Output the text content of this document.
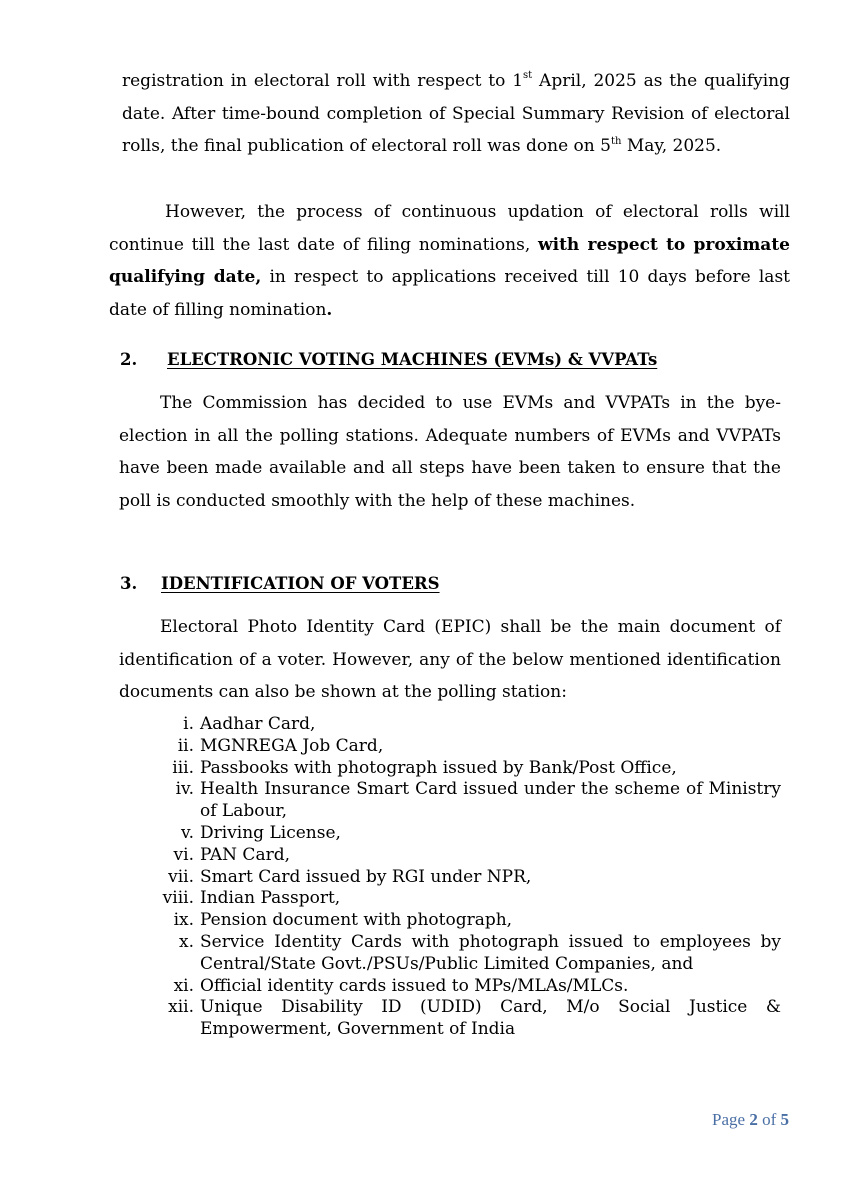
registration in electoral roll with respect to 1st April, 2025 as the qualifying date. After time-bound completion of Special Summary Revision of electoral rolls, the final publication of electoral roll was done on 5th May, 2025.

However, the process of continuous updation of electoral rolls will continue till the last date of filing nominations, with respect to proximate qualifying date, in respect to applications received till 10 days before last date of filling nomination.

2. ELECTRONIC VOTING MACHINES (EVMs) & VVPATs

The Commission has decided to use EVMs and VVPATs in the bye-election in all the polling stations. Adequate numbers of EVMs and VVPATs have been made available and all steps have been taken to ensure that the poll is conducted smoothly with the help of these machines.

3. IDENTIFICATION OF VOTERS

Electoral Photo Identity Card (EPIC) shall be the main document of identification of a voter. However, any of the below mentioned identification documents can also be shown at the polling station:

i. Aadhar Card,
ii. MGNREGA Job Card,
iii. Passbooks with photograph issued by Bank/Post Office,
iv. Health Insurance Smart Card issued under the scheme of Ministry of Labour,
v. Driving License,
vi. PAN Card,
vii. Smart Card issued by RGI under NPR,
viii. Indian Passport,
ix. Pension document with photograph,
x. Service Identity Cards with photograph issued to employees by Central/State Govt./PSUs/Public Limited Companies, and
xi. Official identity cards issued to MPs/MLAs/MLCs.
xii. Unique Disability ID (UDID) Card, M/o Social Justice & Empowerment, Government of India
Page 2 of 5
